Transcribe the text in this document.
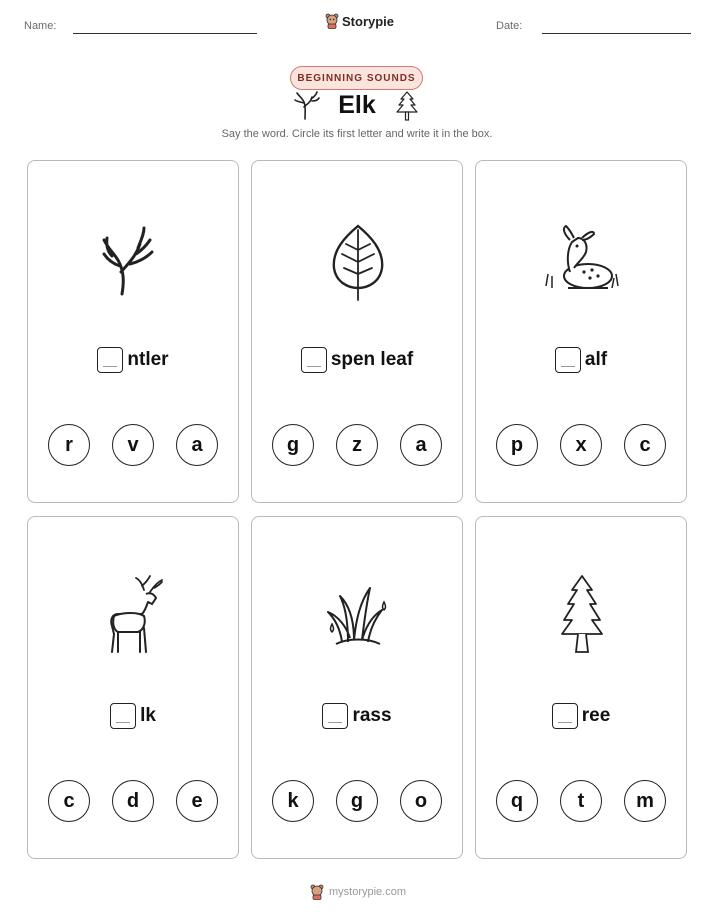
Name:	Storypie	Date:
BEGINNING SOUNDS
Elk
Say the word. Circle its first letter and write it in the box.
ntler
r	v	a
spen leaf
g	z	a
alf
p	x	c
lk
c	d	e
rass
k	g	o
ree
q	t	m
mystorypie.com
